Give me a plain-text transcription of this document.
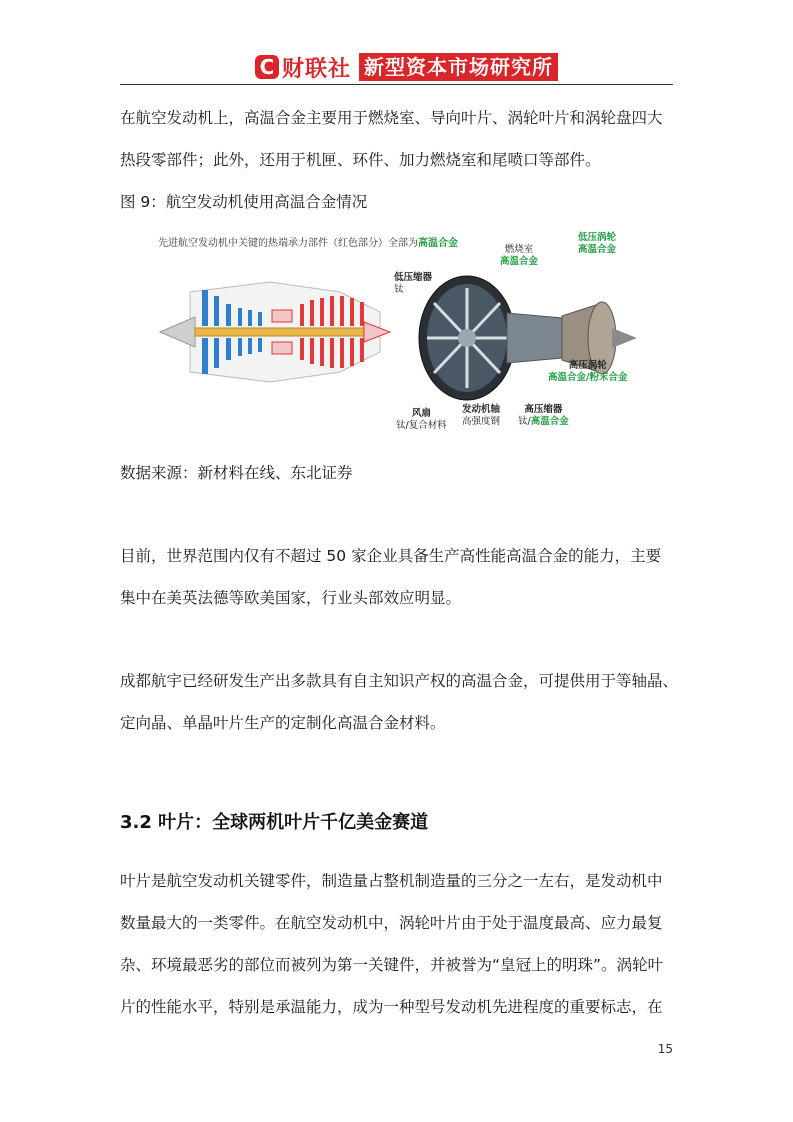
C 财联社 新型资本市场研究所
在航空发动机上，高温合金主要用于燃烧室、导向叶片、涡轮叶片和涡轮盘四大
热段零部件；此外，还用于机匣、环件、加力燃烧室和尾喷口等部件。
图 9：航空发动机使用高温合金情况
先进航空发动机中关键的热端承力部件（红色部分）全部为高温合金
燃烧室
高温合金
低压涡轮
高温合金
低压缩器
钛
高压涡轮
高温合金/粉末合金
风扇
钛/复合材料
发动机轴
高强度钢
高压缩器
钛/高温合金
数据来源：新材料在线、东北证券
目前，世界范围内仅有不超过 50 家企业具备生产高性能高温合金的能力，主要
集中在美英法德等欧美国家，行业头部效应明显。
成都航宇已经研发生产出多款具有自主知识产权的高温合金，可提供用于等轴晶、
定向晶、单晶叶片生产的定制化高温合金材料。
3.2 叶片：全球两机叶片千亿美金赛道
叶片是航空发动机关键零件，制造量占整机制造量的三分之一左右，是发动机中
数量最大的一类零件。在航空发动机中，涡轮叶片由于处于温度最高、应力最复
杂、环境最恶劣的部位而被列为第一关键件，并被誉为“皇冠上的明珠”。涡轮叶
片的性能水平，特别是承温能力，成为一种型号发动机先进程度的重要标志，在
15
